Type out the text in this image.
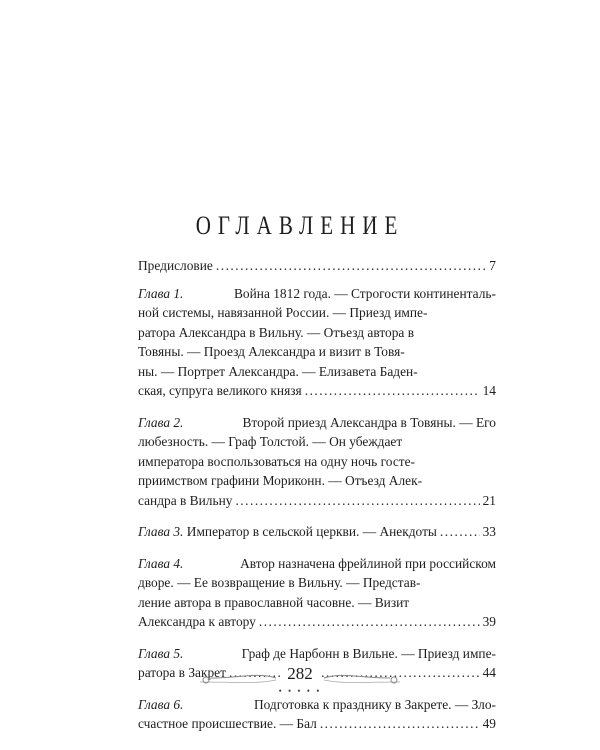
ОГЛАВЛЕНИЕ
Предисловие .....	7
Глава 1.	Война 1812 года. — Строгости континенталь-
ной системы, навязанной России. — Приезд импе-
ратора Александра в Вильну. — Отъезд автора в
Товяны. — Проезд Александра и визит в Товя-
ны. — Портрет Александра. — Елизавета Баден-
ская, супруга великого князя .....	14
Глава 2.	Второй приезд Александра в Товяны. — Его
любезность. — Граф Толстой. — Он убеждает
императора воспользоваться на одну ночь госте-
приимством графини Мориконн. — Отъезд Алек-
сандра в Вильну .....	21
Глава 3. Император в сельской церкви. — Анекдоты .....	33
Глава 4.	Автор назначена фрейлиной при российском
дворе. — Ее возвращение в Вильну. — Представ-
ление автора в православной часовне. — Визит
Александра к автору .....	39
Глава 5.	Граф де Нарбонн в Вильне. — Приезд импе-
ратора в Закрет .....	44
Глава 6.	Подготовка к празднику в Закрете. — Зло-
счастное происшествие. — Бал .....	49
282
• • • • •
